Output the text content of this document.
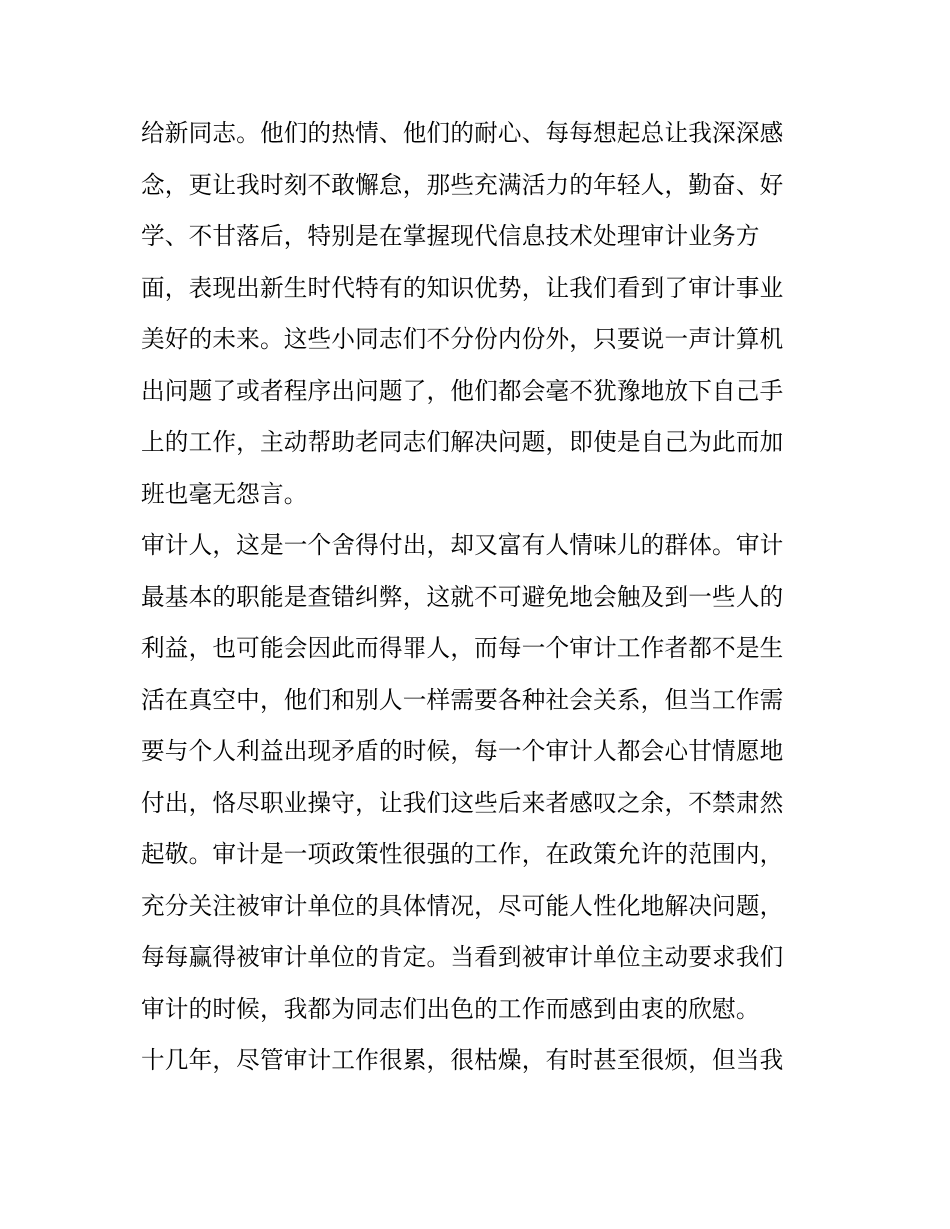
给新同志。他们的热情、他们的耐心、每每想起总让我深深感
念，更让我时刻不敢懈怠，那些充满活力的年轻人，勤奋、好
学、不甘落后，特别是在掌握现代信息技术处理审计业务方
面，表现出新生时代特有的知识优势，让我们看到了审计事业
美好的未来。这些小同志们不分份内份外，只要说一声计算机
出问题了或者程序出问题了，他们都会毫不犹豫地放下自己手
上的工作，主动帮助老同志们解决问题，即使是自己为此而加
班也毫无怨言。
审计人，这是一个舍得付出，却又富有人情味儿的群体。审计
最基本的职能是查错纠弊，这就不可避免地会触及到一些人的
利益，也可能会因此而得罪人，而每一个审计工作者都不是生
活在真空中，他们和别人一样需要各种社会关系，但当工作需
要与个人利益出现矛盾的时候，每一个审计人都会心甘情愿地
付出，恪尽职业操守，让我们这些后来者感叹之余，不禁肃然
起敬。审计是一项政策性很强的工作，在政策允许的范围内，
充分关注被审计单位的具体情况，尽可能人性化地解决问题，
每每赢得被审计单位的肯定。当看到被审计单位主动要求我们
审计的时候，我都为同志们出色的工作而感到由衷的欣慰。
十几年，尽管审计工作很累，很枯燥，有时甚至很烦，但当我
